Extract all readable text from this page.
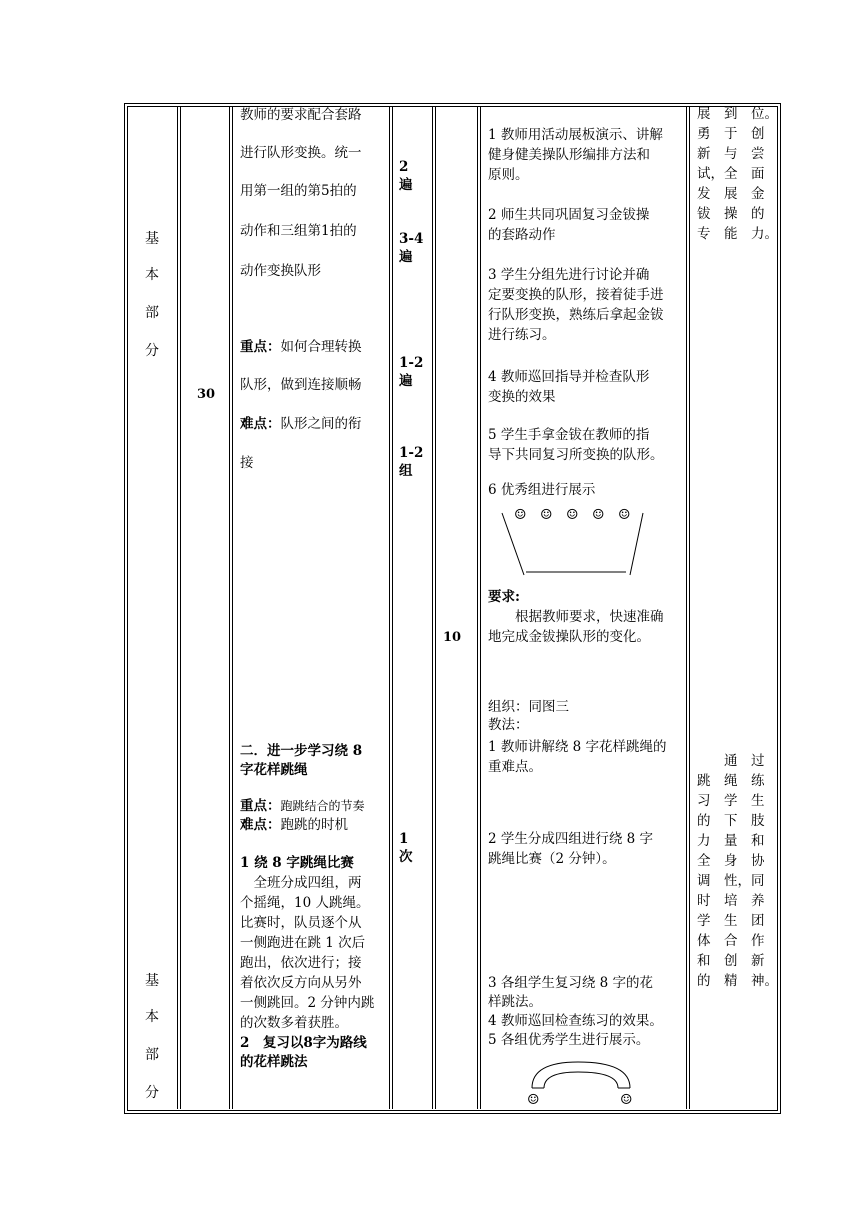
基
本
部
分
基
本
部
分
30
10
教师的要求配合套路
进行队形变换。统一
用第一组的第5拍的
动作和三组第1拍的
动作变换队形
重点：如何合理转换
队形，做到连接顺畅
难点：队形之间的衔
接
二．进一步学习绕 8
字花样跳绳
重点：跑跳结合的节奏
难点：跑跳的时机
1 绕 8 字跳绳比赛
　全班分成四组，两
个摇绳，10 人跳绳。
比赛时，队员逐个从
一侧跑进在跳 1 次后
跑出，依次进行；接
着依次反方向从另外
一侧跳回。2 分钟内跳
的次数多着获胜。
2　复习以8字为路线
的花样跳法
2
遍
3-4
遍
1-2
遍
1-2
组
1
次
1 教师用活动展板演示、讲解
健身健美操队形编排方法和
原则。
2 师生共同巩固复习金钹操
的套路动作
3 学生分组先进行讨论并确
定要变换的队形，接着徒手进
行队形变换，熟练后拿起金钹
进行练习。
4 教师巡回指导并检查队形
变换的效果
5 学生手拿金钹在教师的指
导下共同复习所变换的队形。
6 优秀组进行展示
☺ ☺ ☺ ☺ ☺
要求:
　　根据教师要求，快速准确
地完成金钹操队形的变化。
组织：同图三
教法：
1 教师讲解绕 8 字花样跳绳的
重难点。
2 学生分成四组进行绕 8 字
跳绳比赛（2 分钟）。
3 各组学生复习绕 8 字的花
样跳法。
4 教师巡回检查练习的效果。
5 各组优秀学生进行展示。
☺	☺
展　到　位。
勇　于　创
新　与　尝
试，全　面
发　展　金
钹　操　的
专　能　力。
　　通　过
跳　绳　练
习　学　生
的　下　肢
力　量　和
全　身　协
调　性，同
时　培　养
学　生　团
体　合　作
和　创　新
的　精　神。
